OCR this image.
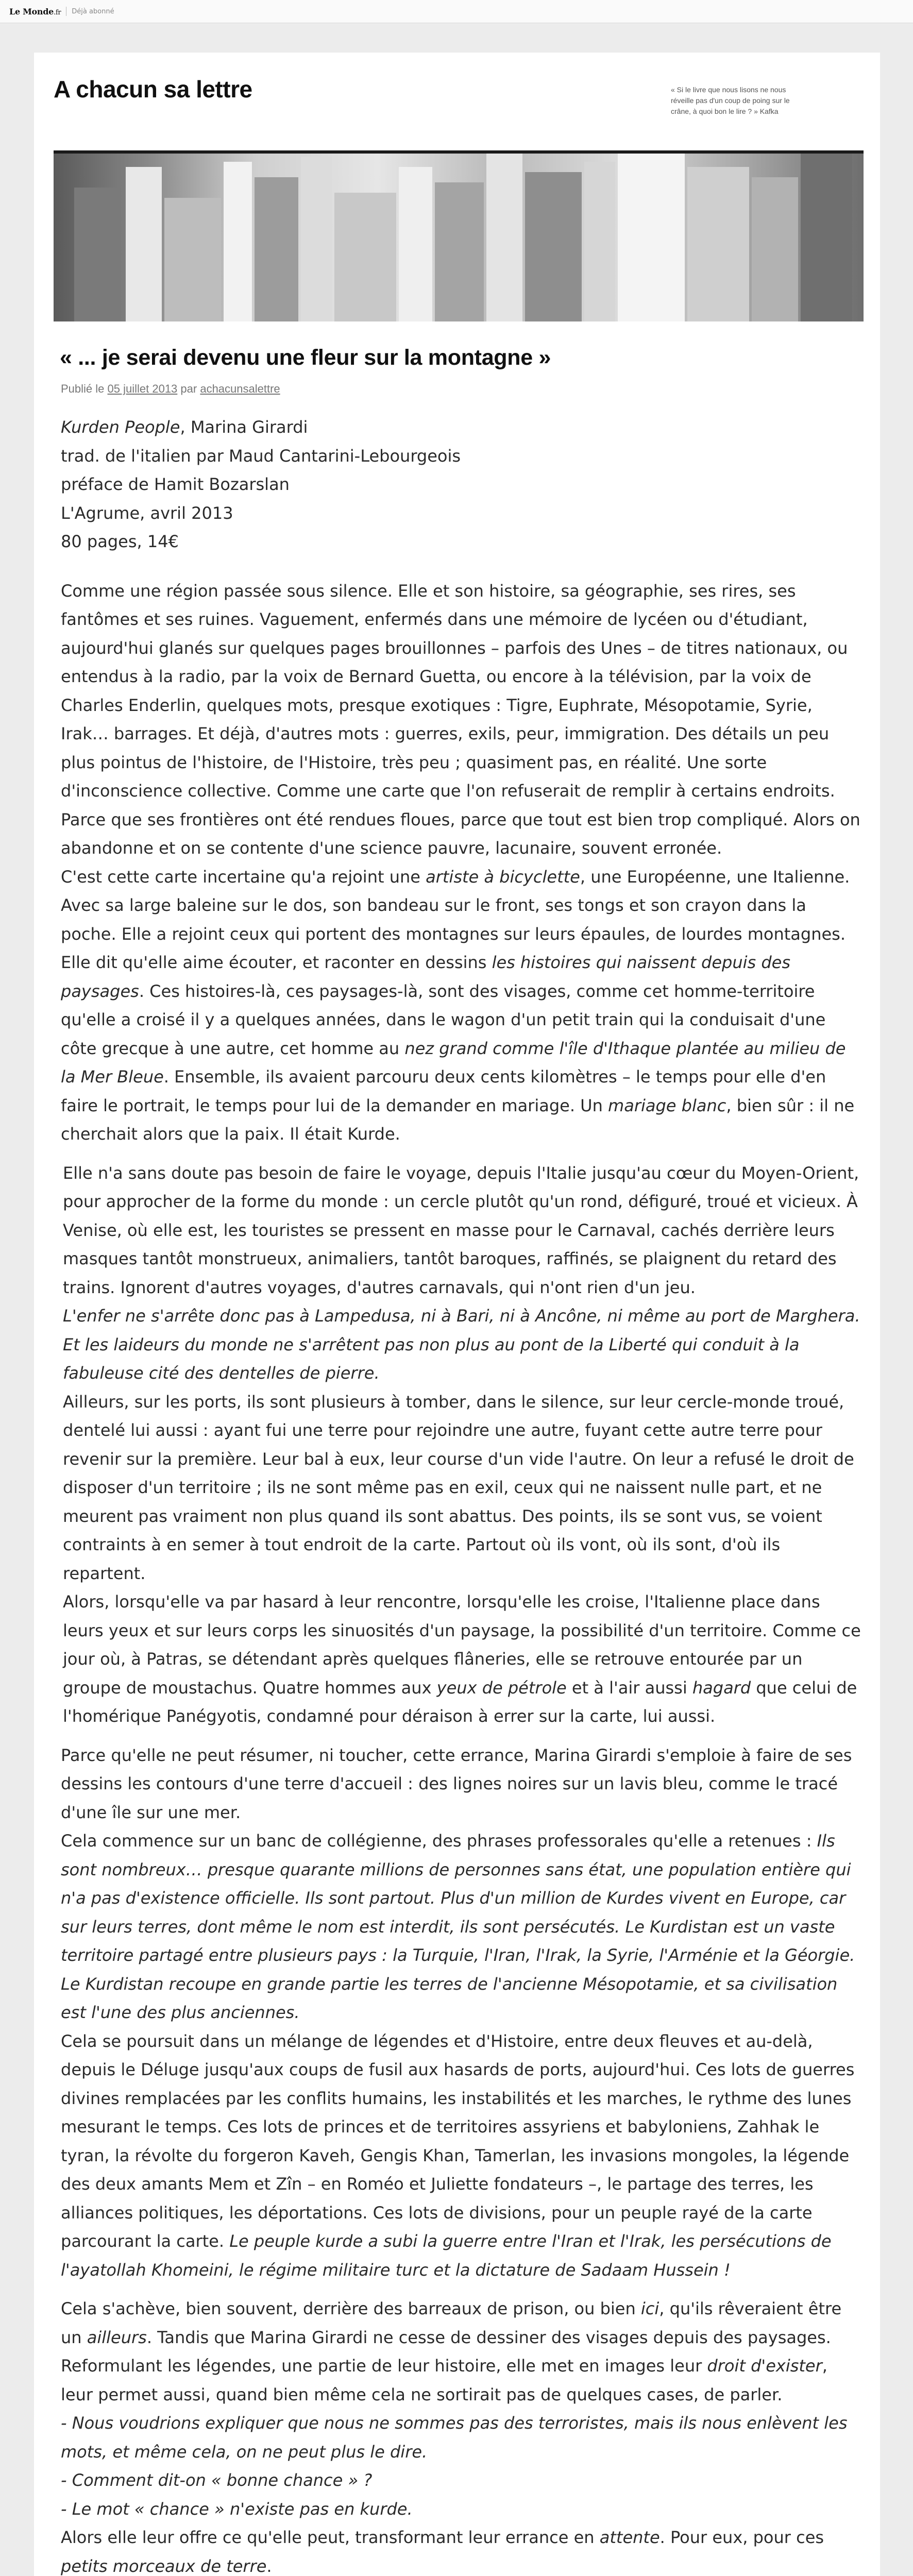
Le Monde.fr Déjà abonné
A chacun sa lettre	« Si le livre que nous lisons ne nous réveille pas d'un coup de poing sur le crâne, à quoi bon le lire ? » Kafka
« ... je serai devenu une fleur sur la montagne »
Publié le 05 juillet 2013 par achacunsalettre

Kurden People, Marina Girardi
trad. de l'italien par Maud Cantarini-Lebourgeois
préface de Hamit Bozarslan
L'Agrume, avril 2013
80 pages, 14€

Comme une région passée sous silence. Elle et son histoire, sa géographie, ses rires, ses fantômes et ses ruines. Vaguement, enfermés dans une mémoire de lycéen ou d'étudiant, aujourd'hui glanés sur quelques pages brouillonnes – parfois des Unes – de titres nationaux, ou entendus à la radio, par la voix de Bernard Guetta, ou encore à la télévision, par la voix de Charles Enderlin, quelques mots, presque exotiques : Tigre, Euphrate, Mésopotamie, Syrie, Irak… barrages. Et déjà, d'autres mots : guerres, exils, peur, immigration. Des détails un peu plus pointus de l'histoire, de l'Histoire, très peu ; quasiment pas, en réalité. Une sorte d'inconscience collective. Comme une carte que l'on refuserait de remplir à certains endroits. Parce que ses frontières ont été rendues floues, parce que tout est bien trop compliqué. Alors on abandonne et on se contente d'une science pauvre, lacunaire, souvent erronée.
C'est cette carte incertaine qu'a rejoint une artiste à bicyclette, une Européenne, une Italienne. Avec sa large baleine sur le dos, son bandeau sur le front, ses tongs et son crayon dans la poche. Elle a rejoint ceux qui portent des montagnes sur leurs épaules, de lourdes montagnes. Elle dit qu'elle aime écouter, et raconter en dessins les histoires qui naissent depuis des paysages. Ces histoires-là, ces paysages-là, sont des visages, comme cet homme-territoire qu'elle a croisé il y a quelques années, dans le wagon d'un petit train qui la conduisait d'une côte grecque à une autre, cet homme au nez grand comme l'île d'Ithaque plantée au milieu de la Mer Bleue. Ensemble, ils avaient parcouru deux cents kilomètres – le temps pour elle d'en faire le portrait, le temps pour lui de la demander en mariage. Un mariage blanc, bien sûr : il ne cherchait alors que la paix. Il était Kurde.

Elle n'a sans doute pas besoin de faire le voyage, depuis l'Italie jusqu'au cœur du Moyen-Orient, pour approcher de la forme du monde : un cercle plutôt qu'un rond, défiguré, troué et vicieux. À Venise, où elle est, les touristes se pressent en masse pour le Carnaval, cachés derrière leurs masques tantôt monstrueux, animaliers, tantôt baroques, raffinés, se plaignent du retard des trains. Ignorent d'autres voyages, d'autres carnavals, qui n'ont rien d'un jeu.
L'enfer ne s'arrête donc pas à Lampedusa, ni à Bari, ni à Ancône, ni même au port de Marghera. Et les laideurs du monde ne s'arrêtent pas non plus au pont de la Liberté qui conduit à la fabuleuse cité des dentelles de pierre.
Ailleurs, sur les ports, ils sont plusieurs à tomber, dans le silence, sur leur cercle-monde troué, dentelé lui aussi : ayant fui une terre pour rejoindre une autre, fuyant cette autre terre pour revenir sur la première. Leur bal à eux, leur course d'un vide l'autre. On leur a refusé le droit de disposer d'un territoire ; ils ne sont même pas en exil, ceux qui ne naissent nulle part, et ne meurent pas vraiment non plus quand ils sont abattus. Des points, ils se sont vus, se voient contraints à en semer à tout endroit de la carte. Partout où ils vont, où ils sont, d'où ils repartent.
Alors, lorsqu'elle va par hasard à leur rencontre, lorsqu'elle les croise, l'Italienne place dans leurs yeux et sur leurs corps les sinuosités d'un paysage, la possibilité d'un territoire. Comme ce jour où, à Patras, se détendant après quelques flâneries, elle se retrouve entourée par un groupe de moustachus. Quatre hommes aux yeux de pétrole et à l'air aussi hagard que celui de l'homérique Panégyotis, condamné pour déraison à errer sur la carte, lui aussi.

Parce qu'elle ne peut résumer, ni toucher, cette errance, Marina Girardi s'emploie à faire de ses dessins les contours d'une terre d'accueil : des lignes noires sur un lavis bleu, comme le tracé d'une île sur une mer.
Cela commence sur un banc de collégienne, des phrases professorales qu'elle a retenues : Ils sont nombreux… presque quarante millions de personnes sans état, une population entière qui n'a pas d'existence officielle. Ils sont partout. Plus d'un million de Kurdes vivent en Europe, car sur leurs terres, dont même le nom est interdit, ils sont persécutés. Le Kurdistan est un vaste territoire partagé entre plusieurs pays : la Turquie, l'Iran, l'Irak, la Syrie, l'Arménie et la Géorgie. Le Kurdistan recoupe en grande partie les terres de l'ancienne Mésopotamie, et sa civilisation est l'une des plus anciennes.
Cela se poursuit dans un mélange de légendes et d'Histoire, entre deux fleuves et au-delà, depuis le Déluge jusqu'aux coups de fusil aux hasards de ports, aujourd'hui. Ces lots de guerres divines remplacées par les conflits humains, les instabilités et les marches, le rythme des lunes mesurant le temps. Ces lots de princes et de territoires assyriens et babyloniens, Zahhak le tyran, la révolte du forgeron Kaveh, Gengis Khan, Tamerlan, les invasions mongoles, la légende des deux amants Mem et Zîn – en Roméo et Juliette fondateurs –, le partage des terres, les alliances politiques, les déportations. Ces lots de divisions, pour un peuple rayé de la carte parcourant la carte. Le peuple kurde a subi la guerre entre l'Iran et l'Irak, les persécutions de l'ayatollah Khomeini, le régime militaire turc et la dictature de Sadaam Hussein !

Cela s'achève, bien souvent, derrière des barreaux de prison, ou bien ici, qu'ils rêveraient être un ailleurs. Tandis que Marina Girardi ne cesse de dessiner des visages depuis des paysages. Reformulant les légendes, une partie de leur histoire, elle met en images leur droit d'exister, leur permet aussi, quand bien même cela ne sortirait pas de quelques cases, de parler.
- Nous voudrions expliquer que nous ne sommes pas des terroristes, mais ils nous enlèvent les mots, et même cela, on ne peut plus le dire.
- Comment dit-on « bonne chance » ?
- Le mot « chance » n'existe pas en kurde.
Alors elle leur offre ce qu'elle peut, transformant leur errance en attente. Pour eux, pour ces petits morceaux de terre.
